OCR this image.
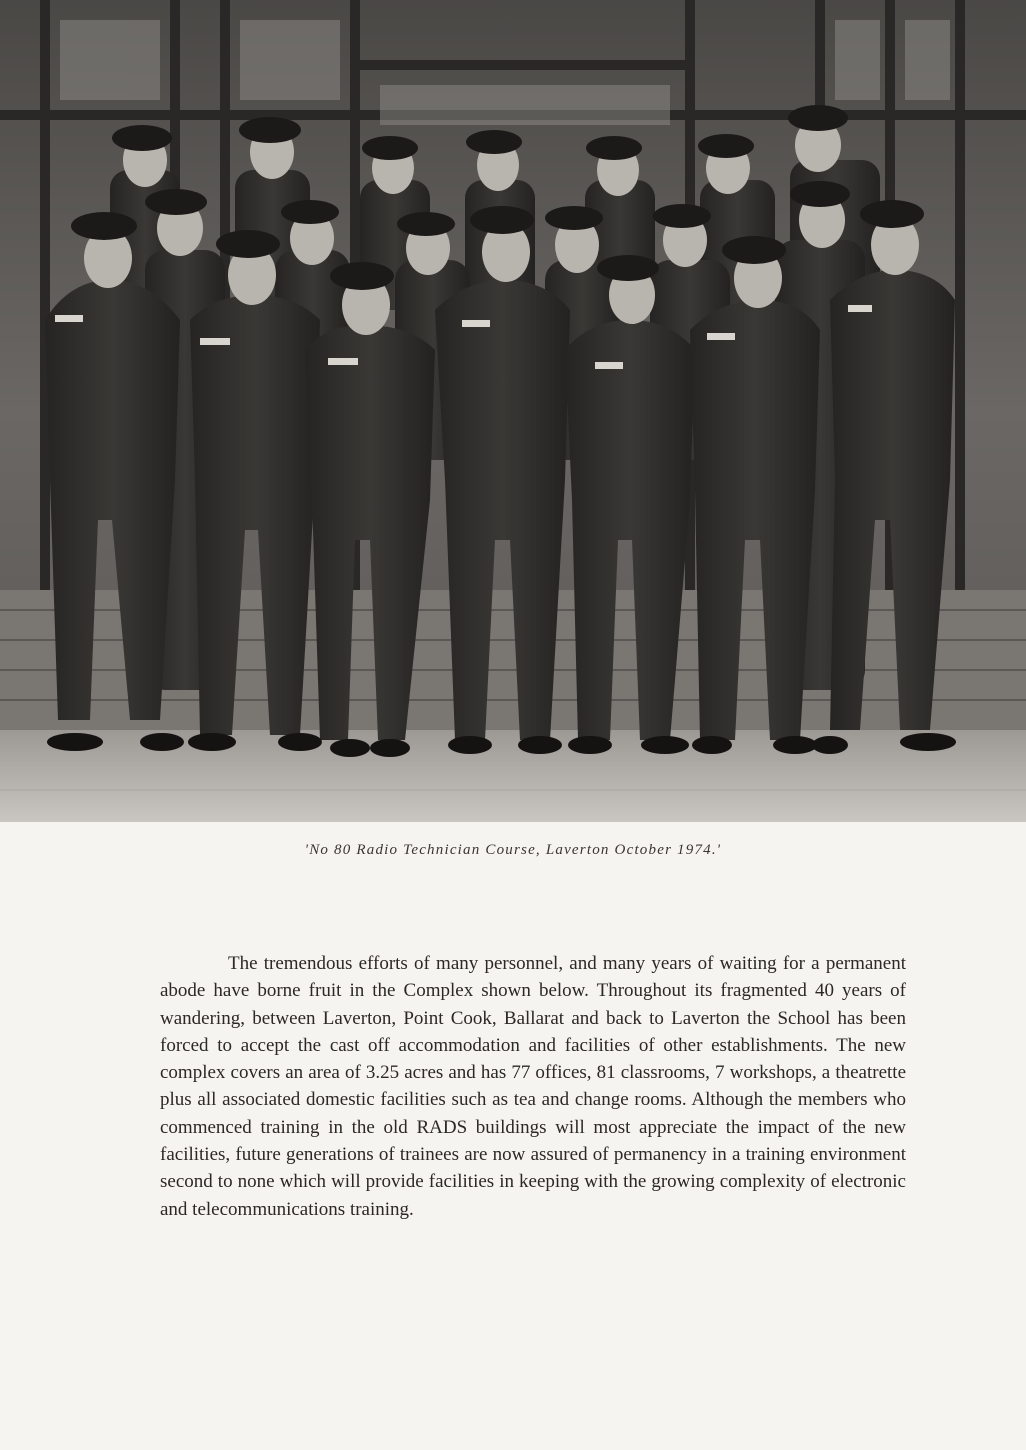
'No 80 Radio Technician Course, Laverton October 1974.'

The tremendous efforts of many personnel, and many years of waiting for a permanent abode have borne fruit in the Complex shown below. Throughout its fragmented 40 years of wandering, between Laverton, Point Cook, Ballarat and back to Laverton the School has been forced to accept the cast off accommodation and facilities of other establishments. The new complex covers an area of 3.25 acres and has 77 offices, 81 classrooms, 7 workshops, a theatrette plus all associated domestic facilities such as tea and change rooms. Although the members who commenced training in the old RADS buildings will most appreciate the impact of the new facilities, future generations of trainees are now assured of permanency in a training environment second to none which will provide facilities in keeping with the growing complexity of electronic and telecommunications training.
